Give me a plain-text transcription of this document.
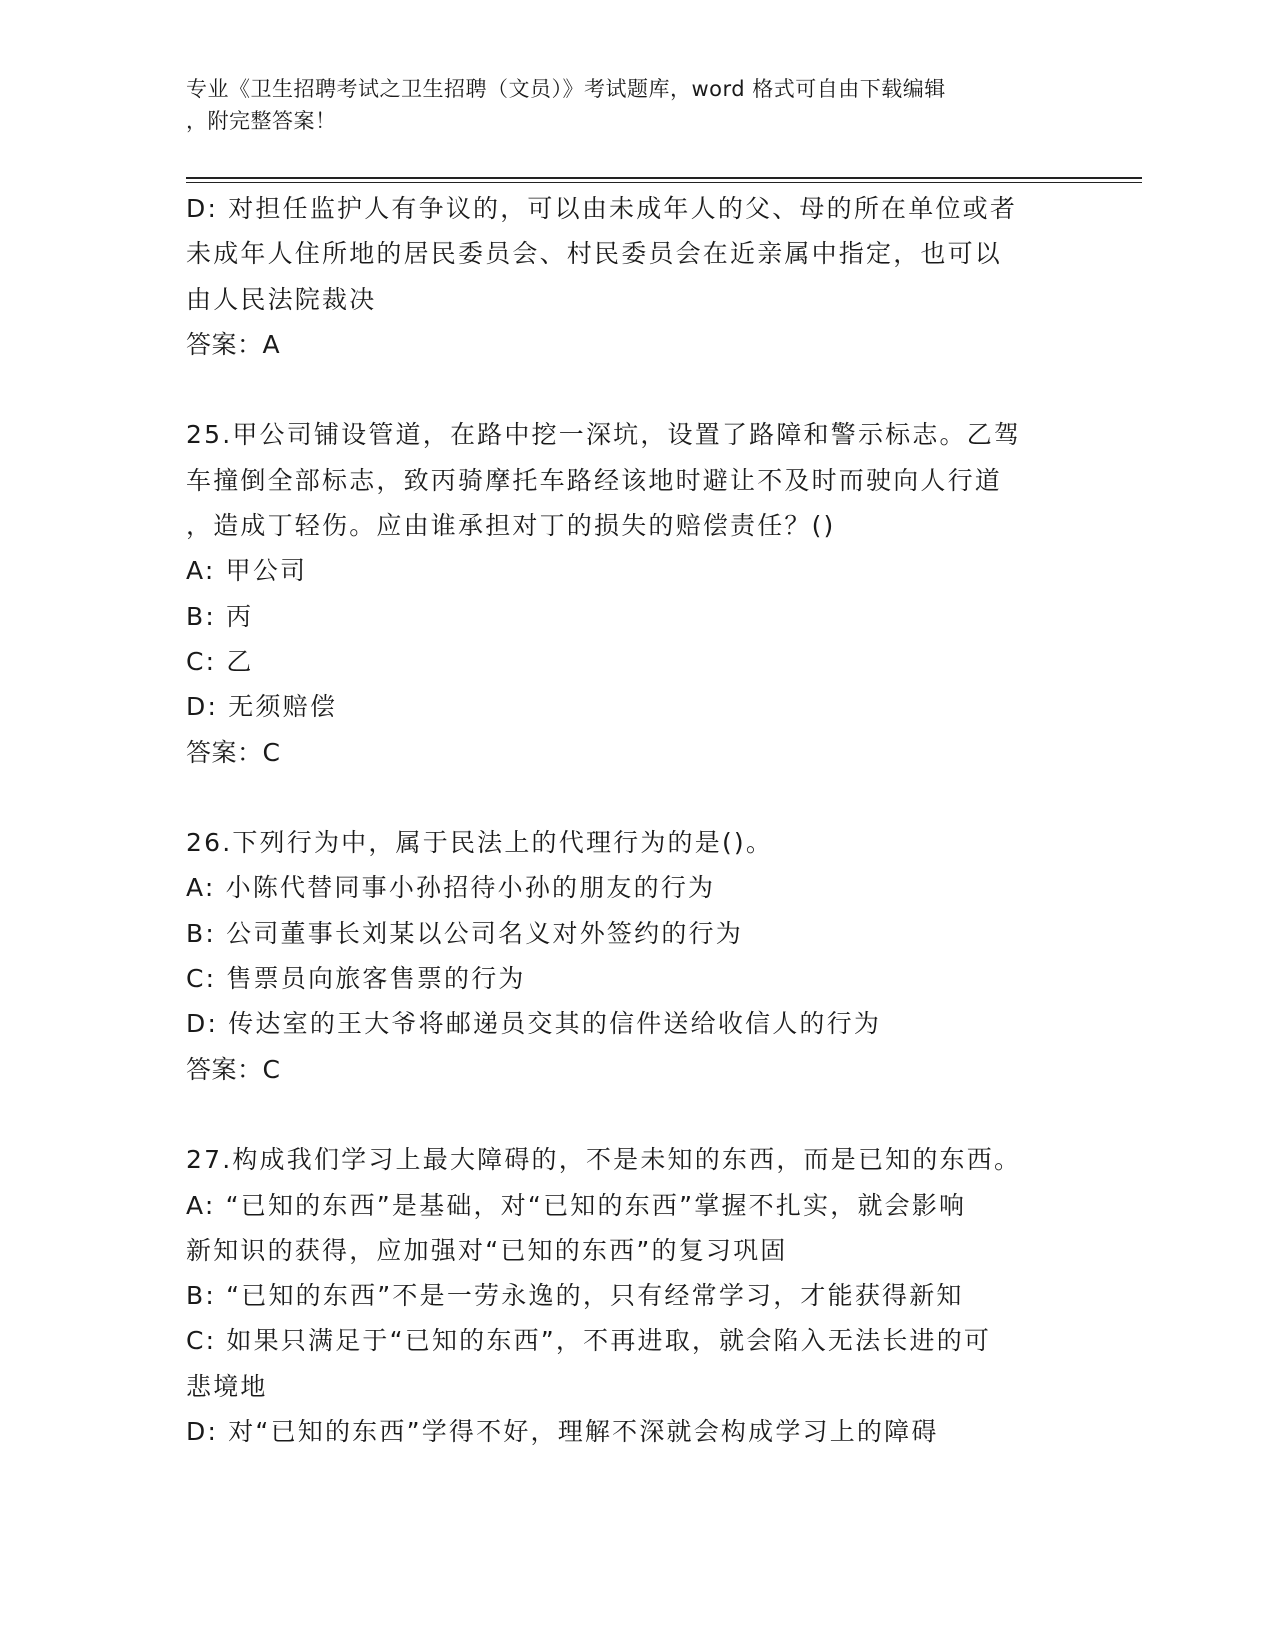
专业《卫生招聘考试之卫生招聘（文员）》考试题库，word 格式可自由下载编辑
，附完整答案！

D: 对担任监护人有争议的，可以由未成年人的父、母的所在单位或者

未成年人住所地的居民委员会、村民委员会在近亲属中指定，也可以

由人民法院裁决

答案：A

25.甲公司铺设管道，在路中挖一深坑，设置了路障和警示标志。乙驾

车撞倒全部标志，致丙骑摩托车路经该地时避让不及时而驶向人行道

，造成丁轻伤。应由谁承担对丁的损失的赔偿责任？()

A: 甲公司

B: 丙

C: 乙

D: 无须赔偿

答案：C

26.下列行为中，属于民法上的代理行为的是()。

A: 小陈代替同事小孙招待小孙的朋友的行为

B: 公司董事长刘某以公司名义对外签约的行为

C: 售票员向旅客售票的行为

D: 传达室的王大爷将邮递员交其的信件送给收信人的行为

答案：C

27.构成我们学习上最大障碍的，不是未知的东西，而是已知的东西。

A: “已知的东西”是基础，对“已知的东西”掌握不扎实，就会影响

新知识的获得，应加强对“已知的东西”的复习巩固

B: “已知的东西”不是一劳永逸的，只有经常学习，才能获得新知

C: 如果只满足于“已知的东西”，不再进取，就会陷入无法长进的可

悲境地

D: 对“已知的东西”学得不好，理解不深就会构成学习上的障碍
